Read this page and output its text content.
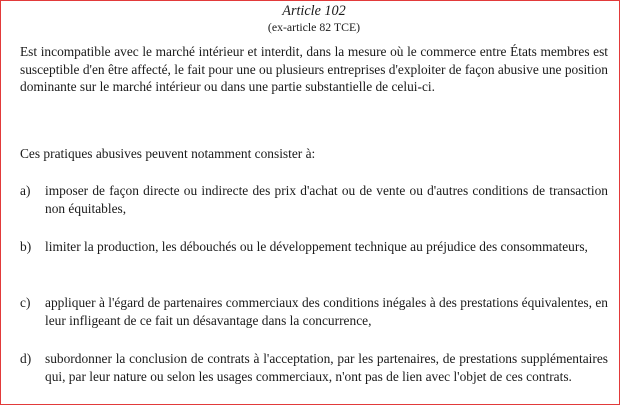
Article 102
(ex-article 82 TCE)

Est incompatible avec le marché intérieur et interdit, dans la mesure où le commerce entre États membres est susceptible d'en être affecté, le fait pour une ou plusieurs entreprises d'exploiter de façon abusive une position dominante sur le marché intérieur ou dans une partie substantielle de celui-ci.

Ces pratiques abusives peuvent notamment consister à:

a)	imposer de façon directe ou indirecte des prix d'achat ou de vente ou d'autres conditions de transaction non équitables,
b)	limiter la production, les débouchés ou le développement technique au préjudice des consommateurs,
c)	appliquer à l'égard de partenaires commerciaux des conditions inégales à des prestations équivalentes, en leur infligeant de ce fait un désavantage dans la concurrence,
d)	subordonner la conclusion de contrats à l'acceptation, par les partenaires, de prestations supplémentaires qui, par leur nature ou selon les usages commerciaux, n'ont pas de lien avec l'objet de ces contrats.
